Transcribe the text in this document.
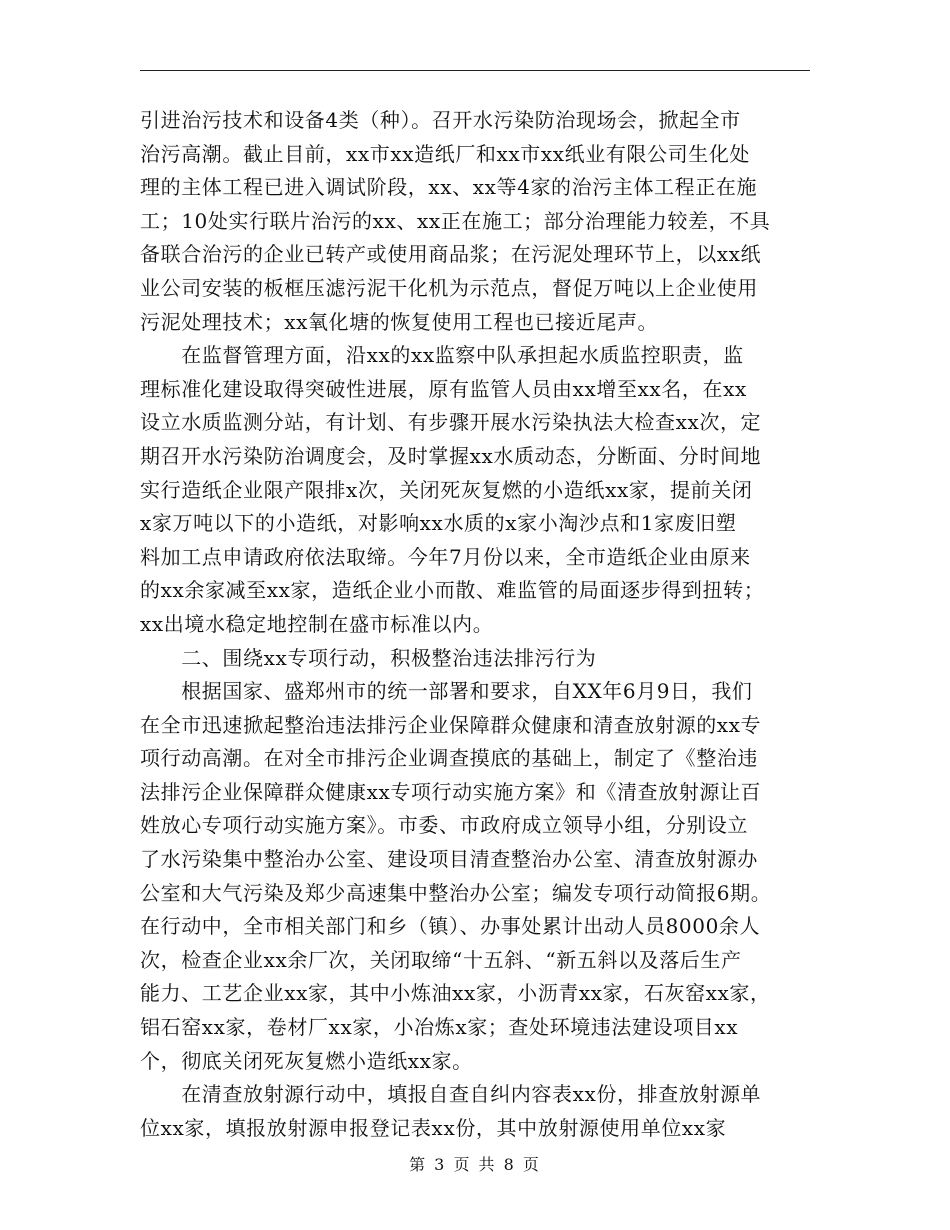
引进治污技术和设备4类（种）。召开水污染防治现场会，掀起全市
治污高潮。截止目前，xx市xx造纸厂和xx市xx纸业有限公司生化处
理的主体工程已进入调试阶段，xx、xx等4家的治污主体工程正在施
工；10处实行联片治污的xx、xx正在施工；部分治理能力较差，不具
备联合治污的企业已转产或使用商品浆；在污泥处理环节上，以xx纸
业公司安装的板框压滤污泥干化机为示范点，督促万吨以上企业使用
污泥处理技术；xx氧化塘的恢复使用工程也已接近尾声。
　　在监督管理方面，沿xx的xx监察中队承担起水质监控职责，监
理标准化建设取得突破性进展，原有监管人员由xx增至xx名，在xx
设立水质监测分站，有计划、有步骤开展水污染执法大检查xx次，定
期召开水污染防治调度会，及时掌握xx水质动态，分断面、分时间地
实行造纸企业限产限排x次，关闭死灰复燃的小造纸xx家，提前关闭
x家万吨以下的小造纸，对影响xx水质的x家小淘沙点和1家废旧塑
料加工点申请政府依法取缔。今年7月份以来，全市造纸企业由原来
的xx余家减至xx家，造纸企业小而散、难监管的局面逐步得到扭转；
xx出境水稳定地控制在盛市标准以内。
　　二、围绕xx专项行动，积极整治违法排污行为
　　根据国家、盛郑州市的统一部署和要求，自XX年6月9日，我们
在全市迅速掀起整治违法排污企业保障群众健康和清查放射源的xx专
项行动高潮。在对全市排污企业调查摸底的基础上，制定了《整治违
法排污企业保障群众健康xx专项行动实施方案》和《清查放射源让百
姓放心专项行动实施方案》。市委、市政府成立领导小组，分别设立
了水污染集中整治办公室、建设项目清查整治办公室、清查放射源办
公室和大气污染及郑少高速集中整治办公室；编发专项行动简报6期。
在行动中，全市相关部门和乡（镇）、办事处累计出动人员8000余人
次，检查企业xx余厂次，关闭取缔“十五斜、“新五斜以及落后生产
能力、工艺企业xx家，其中小炼油xx家，小沥青xx家，石灰窑xx家，
铝石窑xx家，卷材厂xx家，小冶炼x家；查处环境违法建设项目xx
个，彻底关闭死灰复燃小造纸xx家。
　　在清查放射源行动中，填报自查自纠内容表xx份，排查放射源单
位xx家，填报放射源申报登记表xx份，其中放射源使用单位xx家
第 3 页 共 8 页
